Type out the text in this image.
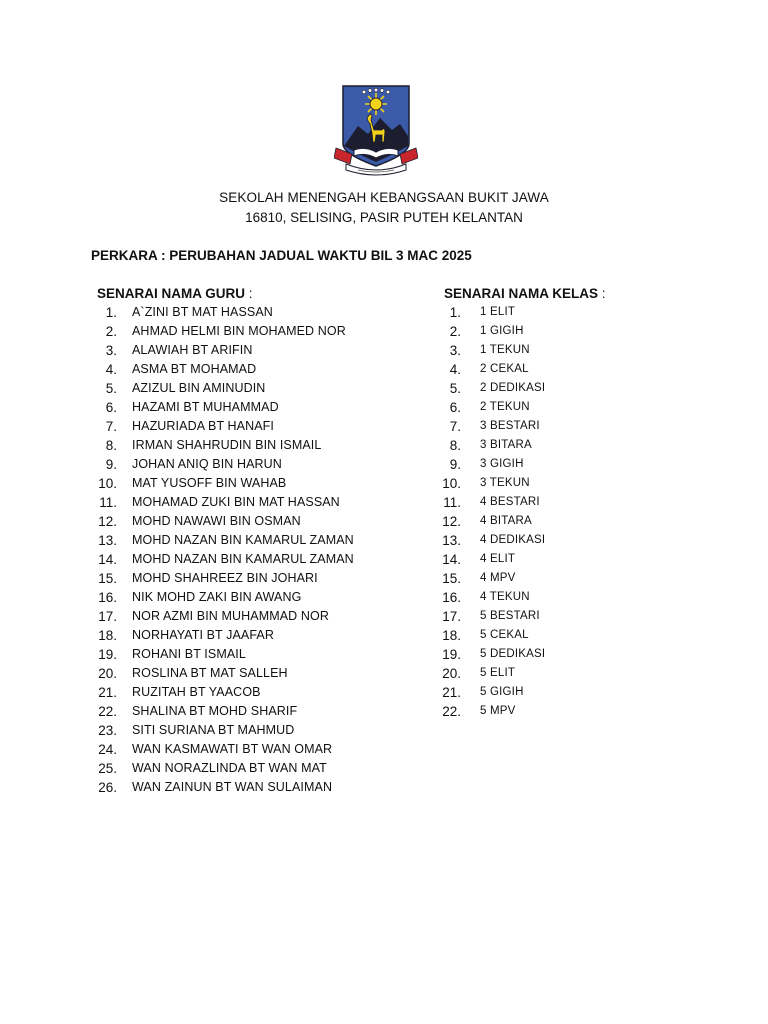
SEKOLAH MENENGAH KEBANGSAAN BUKIT JAWA
16810, SELISING, PASIR PUTEH KELANTAN
PERKARA : PERUBAHAN JADUAL WAKTU BIL 3 MAC 2025
SENARAI NAMA GURU :	SENARAI NAMA KELAS :
1. A`ZINI BT MAT HASSAN
2. AHMAD HELMI BIN MOHAMED NOR
3. ALAWIAH BT ARIFIN
4. ASMA BT MOHAMAD
5. AZIZUL BIN AMINUDIN
6. HAZAMI BT MUHAMMAD
7. HAZURIADA BT HANAFI
8. IRMAN SHAHRUDIN BIN ISMAIL
9. JOHAN ANIQ BIN HARUN
10. MAT YUSOFF BIN WAHAB
11. MOHAMAD ZUKI BIN MAT HASSAN
12. MOHD NAWAWI BIN OSMAN
13. MOHD NAZAN BIN KAMARUL ZAMAN
14. MOHD NAZAN BIN KAMARUL ZAMAN
15. MOHD SHAHREEZ BIN JOHARI
16. NIK MOHD ZAKI BIN AWANG
17. NOR AZMI BIN MUHAMMAD NOR
18. NORHAYATI BT JAAFAR
19. ROHANI BT ISMAIL
20. ROSLINA BT MAT SALLEH
21. RUZITAH BT YAACOB
22. SHALINA BT MOHD SHARIF
23. SITI SURIANA BT MAHMUD
24. WAN KASMAWATI BT WAN OMAR
25. WAN NORAZLINDA BT WAN MAT
26. WAN ZAINUN BT WAN SULAIMAN
1. 1 ELIT
2. 1 GIGIH
3. 1 TEKUN
4. 2 CEKAL
5. 2 DEDIKASI
6. 2 TEKUN
7. 3 BESTARI
8. 3 BITARA
9. 3 GIGIH
10. 3 TEKUN
11. 4 BESTARI
12. 4 BITARA
13. 4 DEDIKASI
14. 4 ELIT
15. 4 MPV
16. 4 TEKUN
17. 5 BESTARI
18. 5 CEKAL
19. 5 DEDIKASI
20. 5 ELIT
21. 5 GIGIH
22. 5 MPV
